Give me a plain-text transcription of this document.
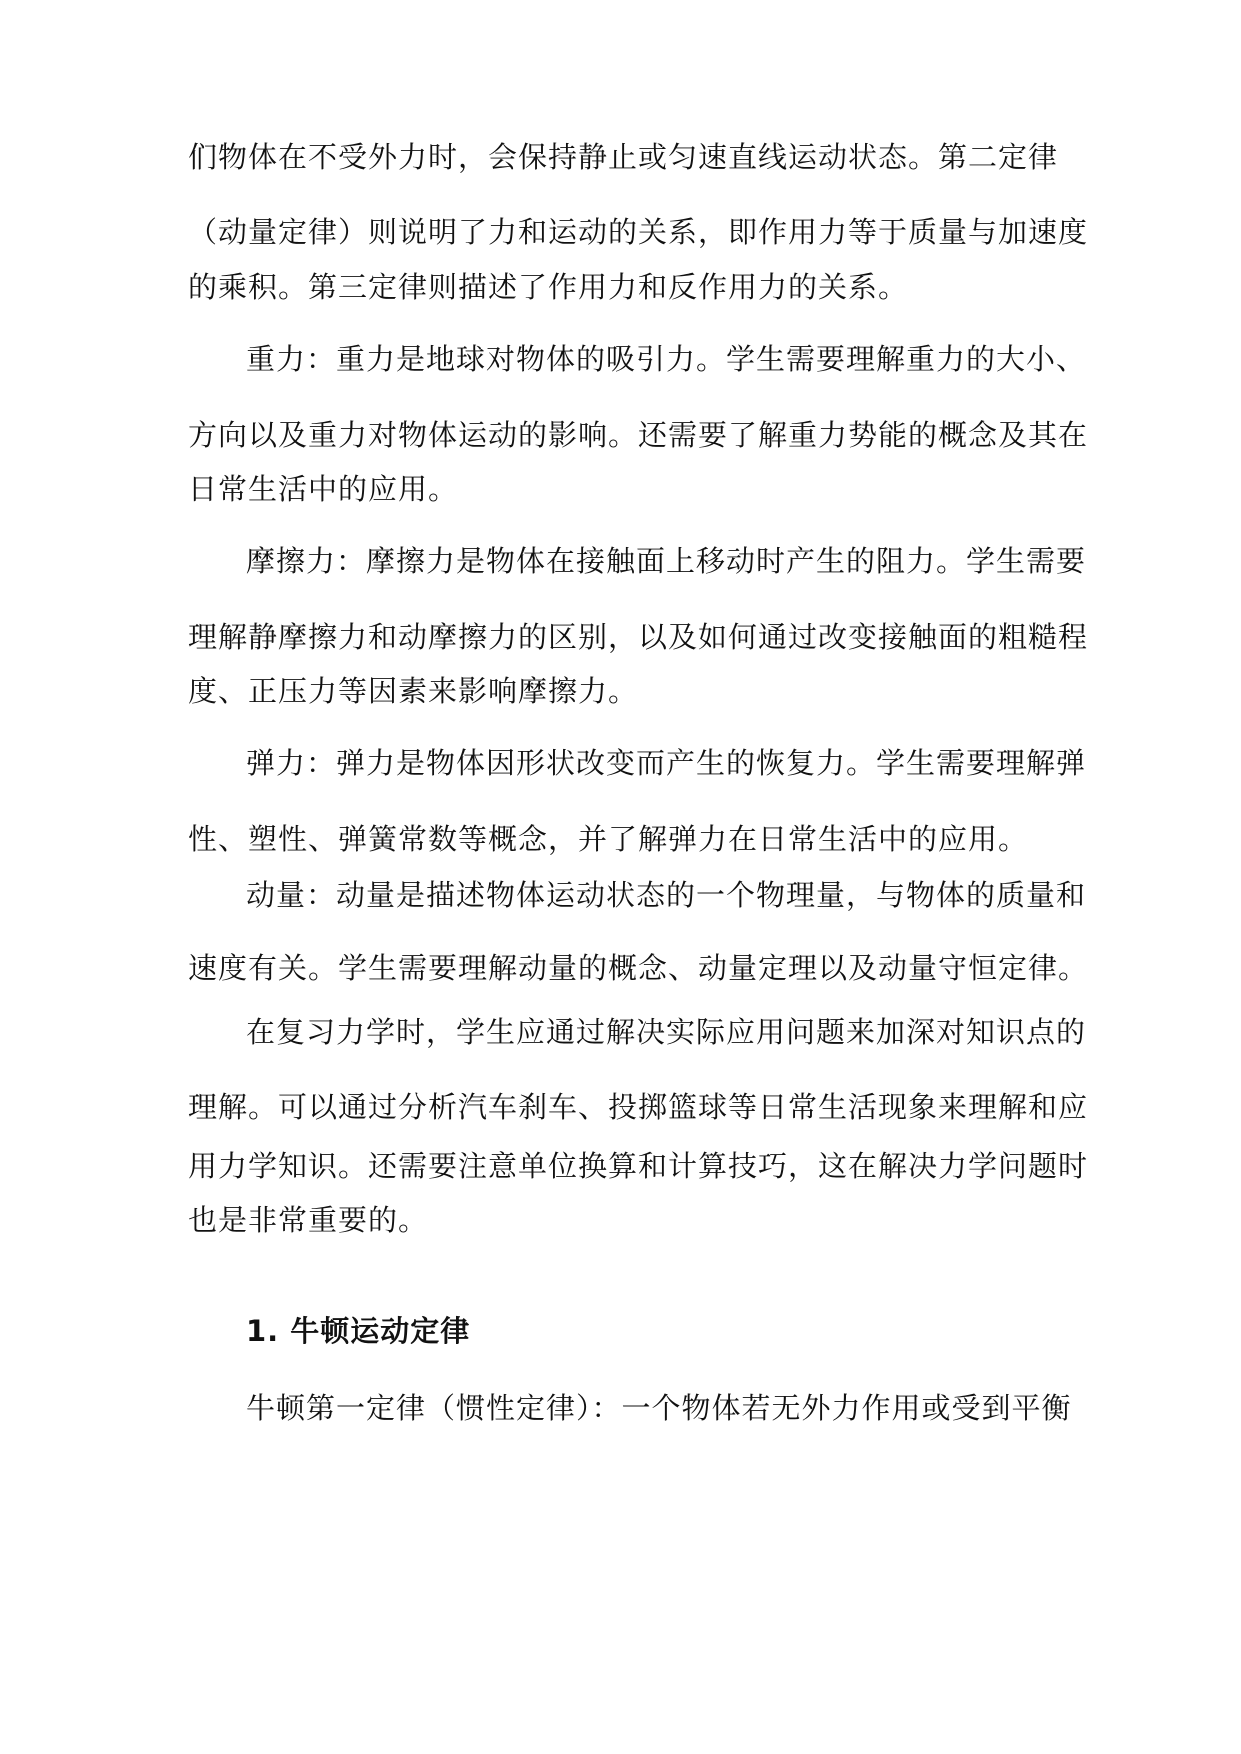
们物体在不受外力时，会保持静止或匀速直线运动状态。第二定律
（动量定律）则说明了力和运动的关系，即作用力等于质量与加速度
的乘积。第三定律则描述了作用力和反作用力的关系。
重力：重力是地球对物体的吸引力。学生需要理解重力的大小、
方向以及重力对物体运动的影响。还需要了解重力势能的概念及其在
日常生活中的应用。
摩擦力：摩擦力是物体在接触面上移动时产生的阻力。学生需要
理解静摩擦力和动摩擦力的区别，以及如何通过改变接触面的粗糙程
度、正压力等因素来影响摩擦力。
弹力：弹力是物体因形状改变而产生的恢复力。学生需要理解弹
性、塑性、弹簧常数等概念，并了解弹力在日常生活中的应用。
动量：动量是描述物体运动状态的一个物理量，与物体的质量和
速度有关。学生需要理解动量的概念、动量定理以及动量守恒定律。
在复习力学时，学生应通过解决实际应用问题来加深对知识点的
理解。可以通过分析汽车刹车、投掷篮球等日常生活现象来理解和应
用力学知识。还需要注意单位换算和计算技巧，这在解决力学问题时
也是非常重要的。
1. 牛顿运动定律
牛顿第一定律（惯性定律）：一个物体若无外力作用或受到平衡
